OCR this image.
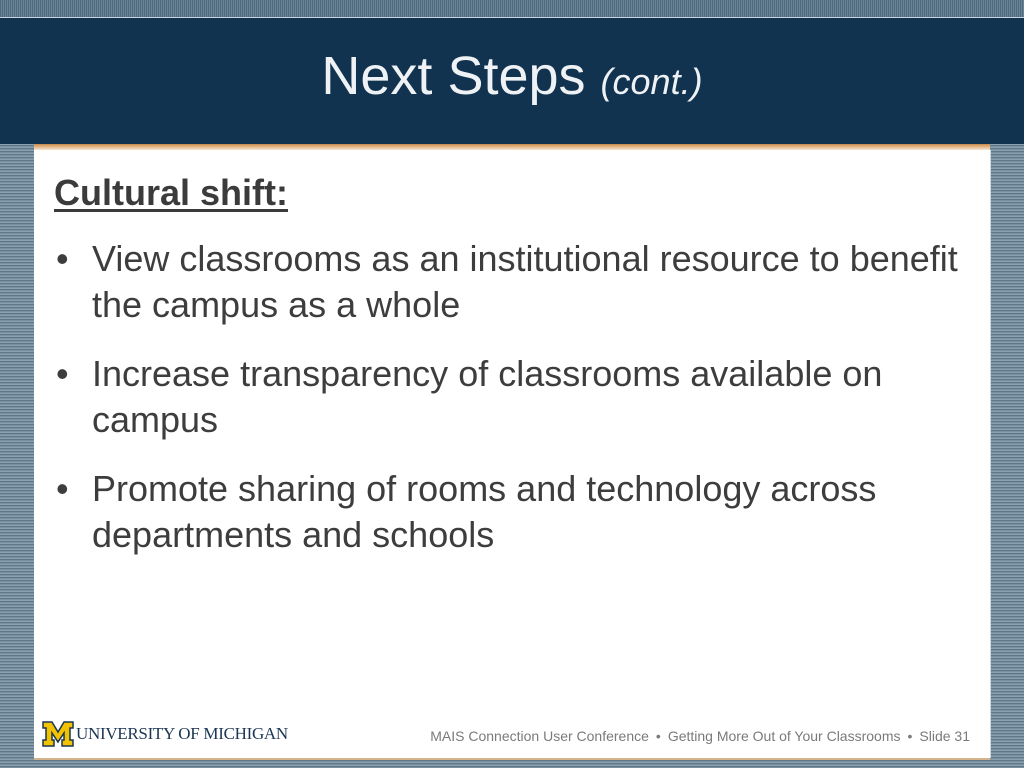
Next Steps (cont.)
Cultural shift:
• View classrooms as an institutional resource to benefit the campus as a whole
• Increase transparency of classrooms available on campus
• Promote sharing of rooms and technology across departments and schools
UNIVERSITY OF MICHIGAN	MAIS Connection User Conference • Getting More Out of Your Classrooms • Slide 31
